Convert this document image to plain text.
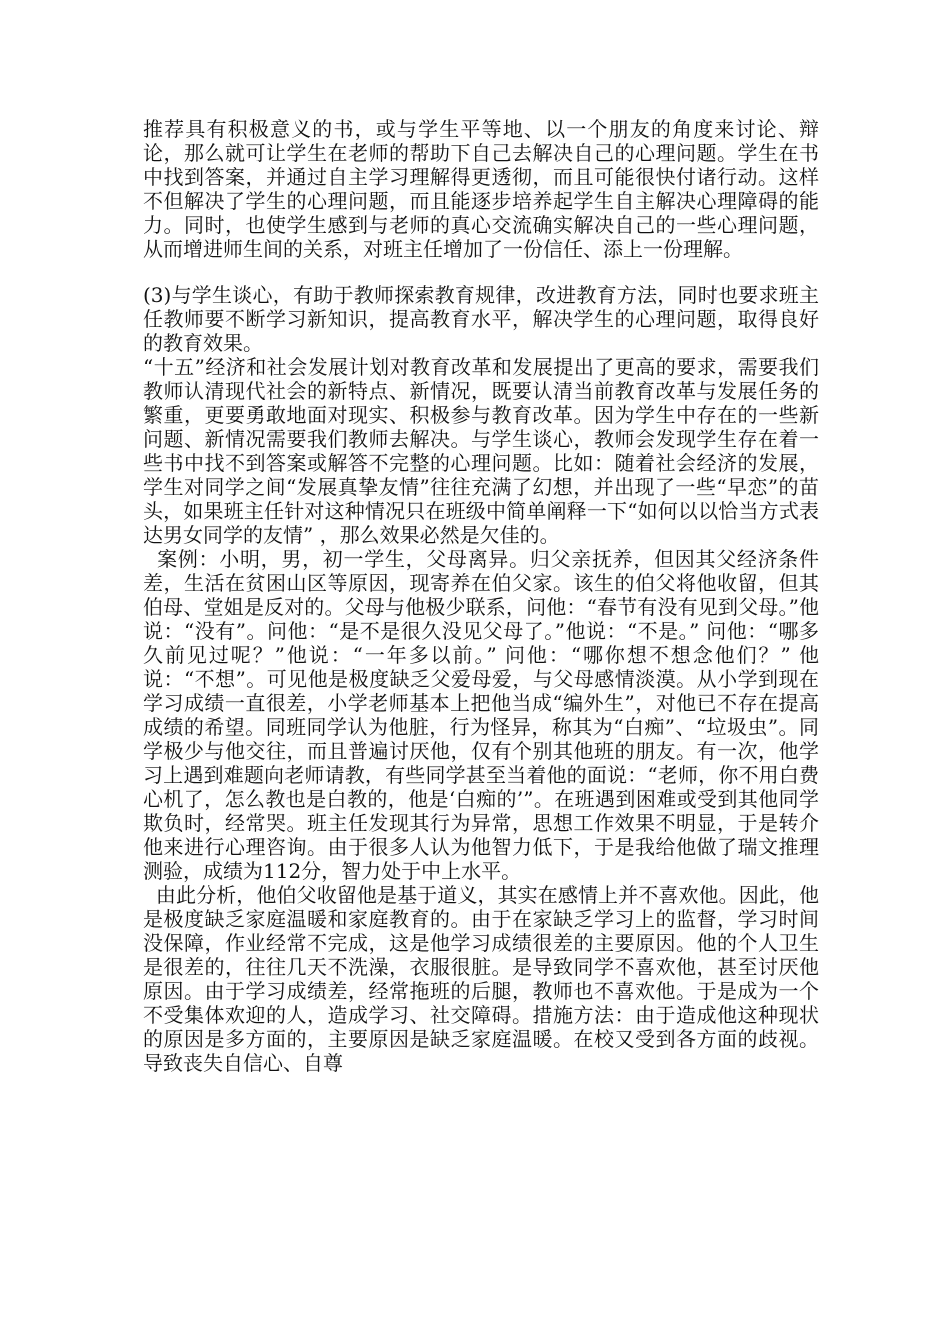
推荐具有积极意义的书，或与学生平等地、以一个朋友的角度来讨论、辩论，那么就可让学生在老师的帮助下自己去解决自己的心理问题。学生在书中找到答案，并通过自主学习理解得更透彻，而且可能很快付诸行动。这样不但解决了学生的心理问题，而且能逐步培养起学生自主解决心理障碍的能力。同时，也使学生感到与老师的真心交流确实解决自己的一些心理问题，从而增进师生间的关系，对班主任增加了一份信任、添上一份理解。

(3)与学生谈心，有助于教师探索教育规律，改进教育方法，同时也要求班主任教师要不断学习新知识，提高教育水平，解决学生的心理问题，取得良好的教育效果。

“十五”经济和社会发展计划对教育改革和发展提出了更高的要求，需要我们教师认清现代社会的新特点、新情况，既要认清当前教育改革与发展任务的繁重，更要勇敢地面对现实、积极参与教育改革。因为学生中存在的一些新问题、新情况需要我们教师去解决。与学生谈心，教师会发现学生存在着一些书中找不到答案或解答不完整的心理问题。比如：随着社会经济的发展，学生对同学之间“发展真挚友情”往往充满了幻想，并出现了一些“早恋”的苗头，如果班主任针对这种情况只在班级中简单阐释一下“如何以以恰当方式表达男女同学的友情” ，那么效果必然是欠佳的。

案例：小明，男，初一学生，父母离异。归父亲抚养，但因其父经济条件差，生活在贫困山区等原因，现寄养在伯父家。该生的伯父将他收留，但其伯母、堂姐是反对的。父母与他极少联系，问他：“春节有没有见到父母。”他说：“没有”。问他：“是不是很久没见父母了。”他说：“不是。” 问他：“哪多久前见过呢？”他说：“一年多以前。” 问他：“哪你想不想念他们？” 他说：“不想”。可见他是极度缺乏父爱母爱，与父母感情淡漠。从小学到现在学习成绩一直很差，小学老师基本上把他当成“编外生”，对他已不存在提高成绩的希望。同班同学认为他脏，行为怪异，称其为“白痴”、“垃圾虫”。同学极少与他交往，而且普遍讨厌他，仅有个别其他班的朋友。有一次，他学习上遇到难题向老师请教，有些同学甚至当着他的面说：“老师，你不用白费心机了，怎么教也是白教的，他是‘白痴的’”。在班遇到困难或受到其他同学欺负时，经常哭。班主任发现其行为异常，思想工作效果不明显，于是转介他来进行心理咨询。由于很多人认为他智力低下，于是我给他做了瑞文推理测验，成绩为112分，智力处于中上水平。

由此分析，他伯父收留他是基于道义，其实在感情上并不喜欢他。因此，他是极度缺乏家庭温暖和家庭教育的。由于在家缺乏学习上的监督，学习时间没保障，作业经常不完成，这是他学习成绩很差的主要原因。他的个人卫生是很差的，往往几天不洗澡，衣服很脏。是导致同学不喜欢他，甚至讨厌他原因。由于学习成绩差，经常拖班的后腿，教师也不喜欢他。于是成为一个不受集体欢迎的人，造成学习、社交障碍。措施方法：由于造成他这种现状的原因是多方面的，主要原因是缺乏家庭温暖。在校又受到各方面的歧视。导致丧失自信心、自尊
